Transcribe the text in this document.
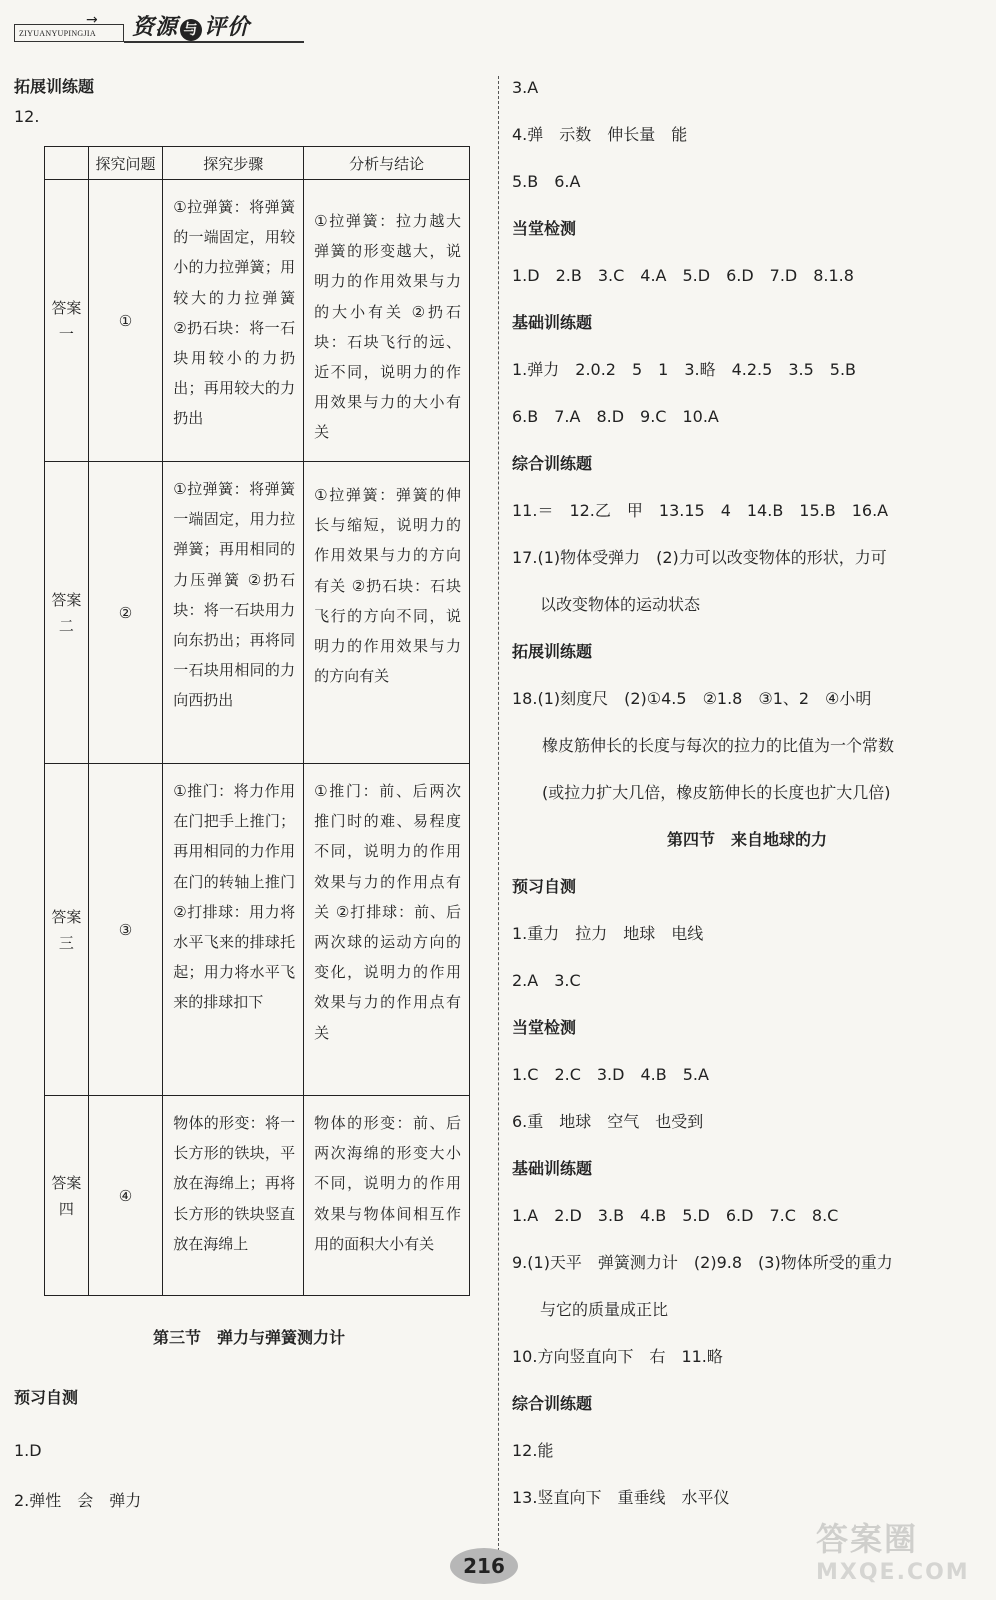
ZIYUANYUPINGJIA
→ 资源 与 评价
拓展训练题
12.
	探究问题	探究步骤	分析与结论
答案一	①	①拉弹簧：将弹簧的一端固定，用较小的力拉弹簧；用较大的力拉弹簧 ②扔石块：将一石块用较小的力扔出；再用较大的力扔出	①拉弹簧：拉力越大弹簧的形变越大，说明力的作用效果与力的大小有关 ②扔石块：石块飞行的远、近不同，说明力的作用效果与力的大小有关

答案二	②	①拉弹簧：将弹簧一端固定，用力拉弹簧；再用相同的力压弹簧 ②扔石块：将一石块用力向东扔出；再将同一石块用相同的力向西扔出	①拉弹簧：弹簧的伸长与缩短，说明力的作用效果与力的方向有关 ②扔石块：石块飞行的方向不同，说明力的作用效果与力的方向有关

答案三	③	①推门：将力作用在门把手上推门；再用相同的力作用在门的转轴上推门 ②打排球：用力将水平飞来的排球托起；用力将水平飞来的排球扣下	①推门：前、后两次推门时的难、易程度不同，说明力的作用效果与力的作用点有关 ②打排球：前、后两次球的运动方向的变化，说明力的作用效果与力的作用点有关

答案四	④	物体的形变：将一长方形的铁块，平放在海绵上；再将长方形的铁块竖直放在海绵上	物体的形变：前、后两次海绵的形变大小不同，说明力的作用效果与物体间相互作用的面积大小有关
第三节　弹力与弹簧测力计
预习自测
1.D
2.弹性　会　弹力
3.A
4.弹　示数　伸长量　能
5.B　6.A
当堂检测
1.D　2.B　3.C　4.A　5.D　6.D　7.D　8.1.8
基础训练题
1.弹力　2.0.2　5　1　3.略　4.2.5　3.5　5.B
6.B　7.A　8.D　9.C　10.A
综合训练题
11.＝　12.乙　甲　13.15　4　14.B　15.B　16.A
17.(1)物体受弹力　(2)力可以改变物体的形状，力可
以改变物体的运动状态
拓展训练题
18.(1)刻度尺　(2)①4.5　②1.8　③1、2　④小明
橡皮筋伸长的长度与每次的拉力的比值为一个常数
(或拉力扩大几倍，橡皮筋伸长的长度也扩大几倍)
第四节　来自地球的力
预习自测
1.重力　拉力　地球　电线
2.A　3.C
当堂检测
1.C　2.C　3.D　4.B　5.A
6.重　地球　空气　也受到
基础训练题
1.A　2.D　3.B　4.B　5.D　6.D　7.C　8.C
9.(1)天平　弹簧测力计　(2)9.8　(3)物体所受的重力
与它的质量成正比
10.方向竖直向下　右　11.略
综合训练题
12.能
13.竖直向下　重垂线　水平仪
216
答案圈
MXQE.COM
